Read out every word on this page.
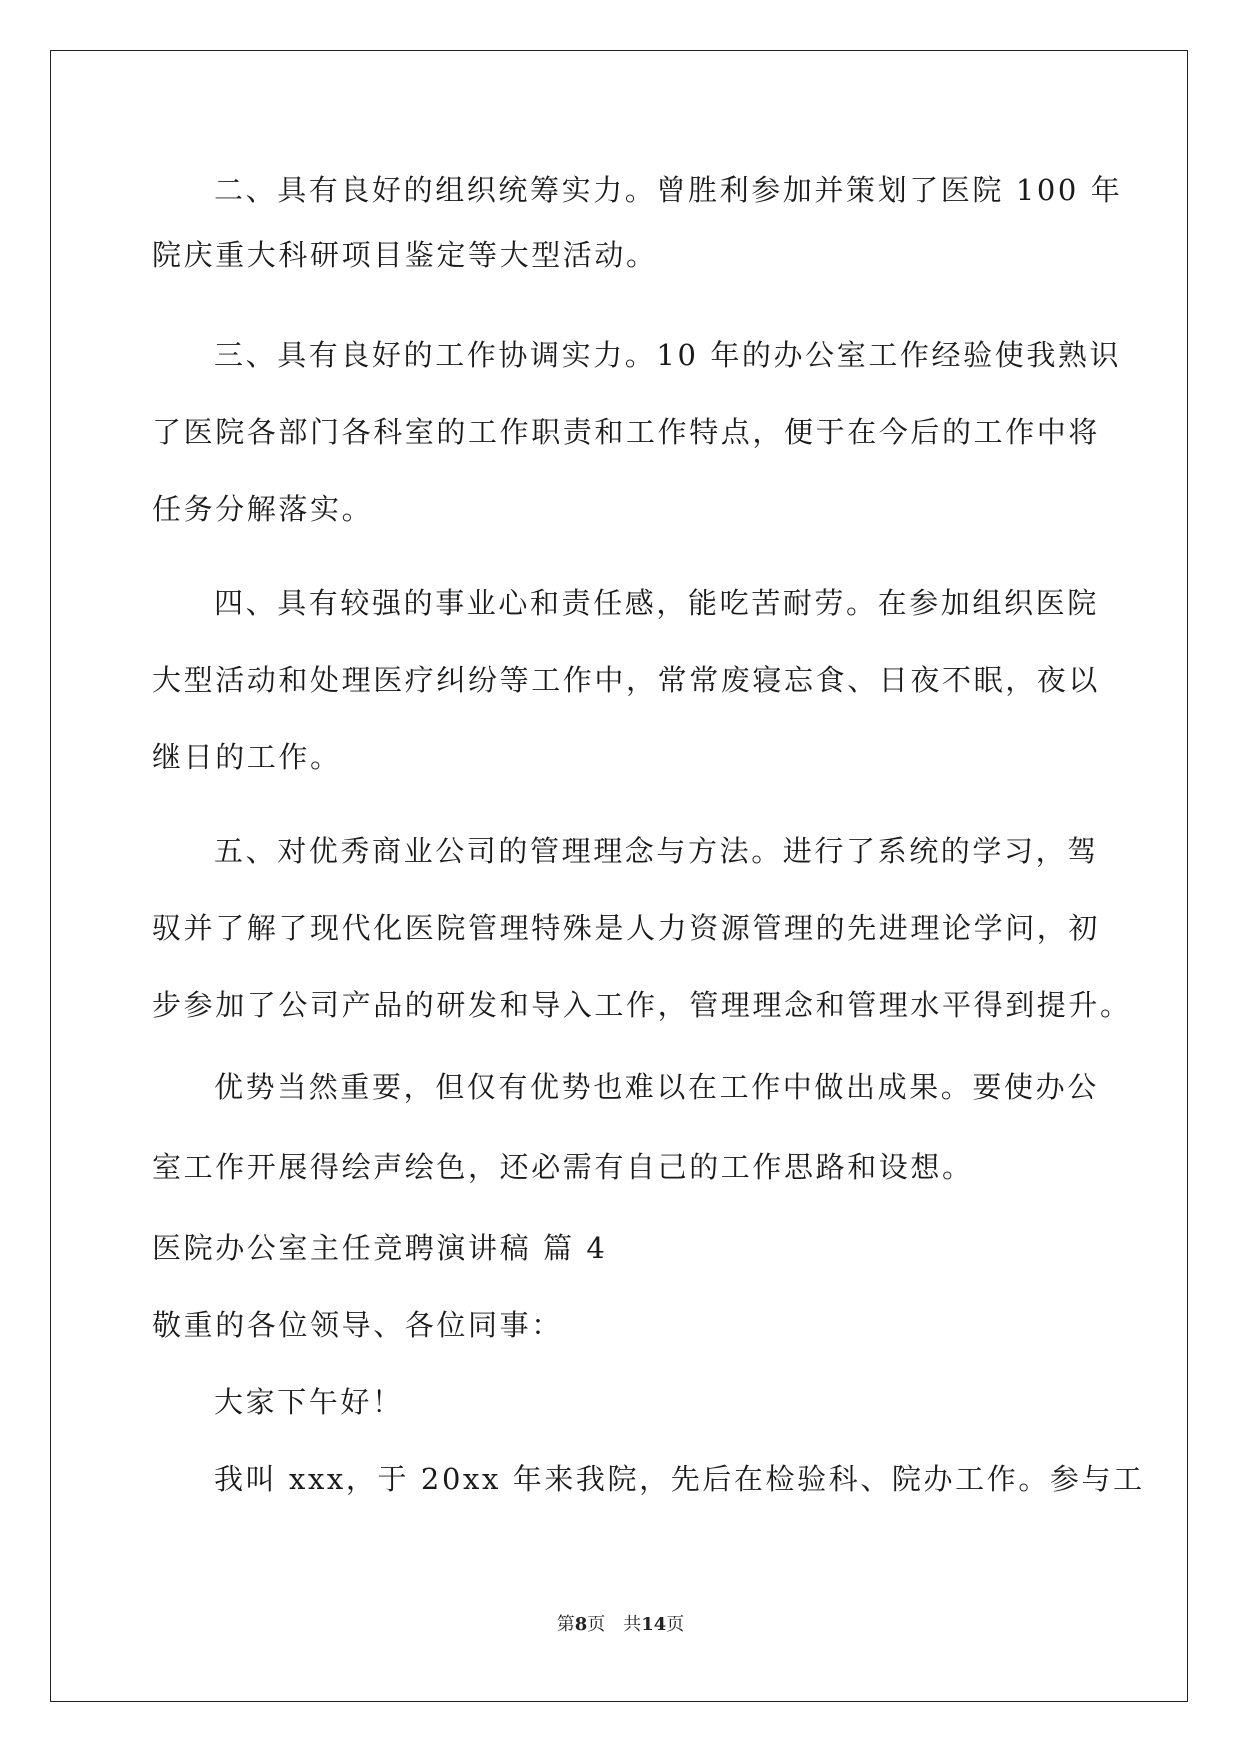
二、具有良好的组织统筹实力。曾胜利参加并策划了医院 100 年
院庆重大科研项目鉴定等大型活动。
三、具有良好的工作协调实力。10 年的办公室工作经验使我熟识
了医院各部门各科室的工作职责和工作特点，便于在今后的工作中将
任务分解落实。
四、具有较强的事业心和责任感，能吃苦耐劳。在参加组织医院
大型活动和处理医疗纠纷等工作中，常常废寝忘食、日夜不眠，夜以
继日的工作。
五、对优秀商业公司的管理理念与方法。进行了系统的学习，驾
驭并了解了现代化医院管理特殊是人力资源管理的先进理论学问，初
步参加了公司产品的研发和导入工作，管理理念和管理水平得到提升。
优势当然重要，但仅有优势也难以在工作中做出成果。要使办公
室工作开展得绘声绘色，还必需有自己的工作思路和设想。
医院办公室主任竞聘演讲稿 篇 4
敬重的各位领导、各位同事：
大家下午好！
我叫 xxx，于 20xx 年来我院，先后在检验科、院办工作。参与工
第8页 共14页
